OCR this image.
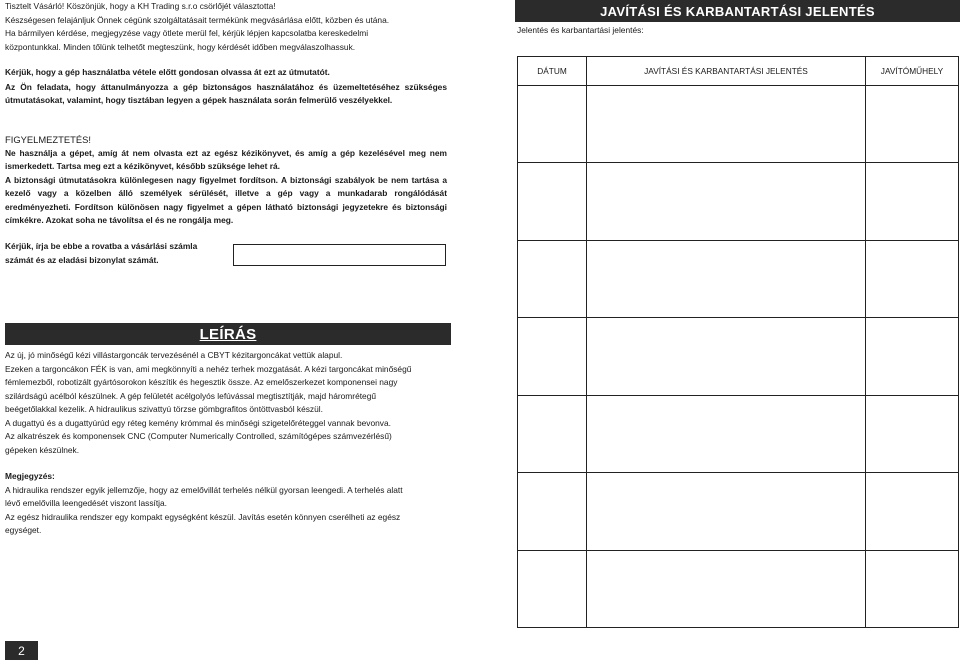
Tisztelt Vásárló! Köszönjük, hogy a KH Trading s.r.o csörlőjét választotta!

Készségesen felajánljuk Önnek cégünk szolgáltatásait termékünk megvásárlása előtt, közben és utána.

Ha bármilyen kérdése, megjegyzése vagy ötlete merül fel, kérjük lépjen kapcsolatba kereskedelmi

központunkkal. Minden tőlünk telhetőt megteszünk, hogy kérdését időben megválaszolhassuk.

Kérjük, hogy a gép használatba vétele előtt gondosan olvassa át ezt az útmutatót.

Az Ön feladata, hogy áttanulmányozza a gép biztonságos használatához és üzemeltetéséhez szükséges útmutatásokat, valamint, hogy tisztában legyen a gépek használata során felmerülő veszélyekkel.

FIGYELMEZTETÉS!

Ne használja a gépet, amíg át nem olvasta ezt az egész kézikönyvet, és amíg a gép kezelésével meg nem ismerkedett. Tartsa meg ezt a kézikönyvet, később szüksége lehet rá.

A biztonsági útmutatásokra különlegesen nagy figyelmet fordítson. A biztonsági szabályok be nem tartása a kezelő vagy a közelben álló személyek sérülését, illetve a gép vagy a munkadarab rongálódását eredményezheti. Fordítson különösen nagy figyelmet a gépen látható biztonsági jegyzetekre és biztonsági címkékre. Azokat soha ne távolítsa el és ne rongálja meg.

Kérjük, írja be ebbe a rovatba a vásárlási számla

számát és az eladási bizonylat számát.

LEÍRÁS

Az új, jó minőségű kézi villástargoncák tervezésénél a CBYT kézitargoncákat vettük alapul.

Ezeken a targoncákon FÉK is van, ami megkönnyíti a nehéz terhek mozgatását. A kézi targoncákat minőségű

fémlemezből, robotizált gyártósorokon készítik és hegesztik össze. Az emelőszerkezet komponensei nagy

szilárdságú acélból készülnek. A gép felületét acélgolyós lefúvással megtisztítják, majd háromrétegű

beégetőlakkal kezelik. A hidraulikus szivattyú törzse gömbgrafitos öntöttvasból készül.

A dugattyú és a dugattyúrúd egy réteg kemény krómmal és minőségi szigetelőréteggel vannak bevonva.

Az alkatrészek és komponensek CNC (Computer Numerically Controlled, számítógépes számvezérlésű)

gépeken készülnek.

Megjegyzés:

A hidraulika rendszer egyik jellemzője, hogy az emelővillát terhelés nélkül gyorsan leengedi. A terhelés alatt

lévő emelővilla leengedését viszont lassítja.

Az egész hidraulika rendszer egy kompakt egységként készül. Javítás esetén könnyen cserélheti az egész

egységet.

JAVÍTÁSI ÉS KARBANTARTÁSI JELENTÉS
Jelentés és karbantartási jelentés:
DÁTUM	JAVÍTÁSI ÉS KARBANTARTÁSI JELENTÉS	JAVÍTÓMŰHELY

2
